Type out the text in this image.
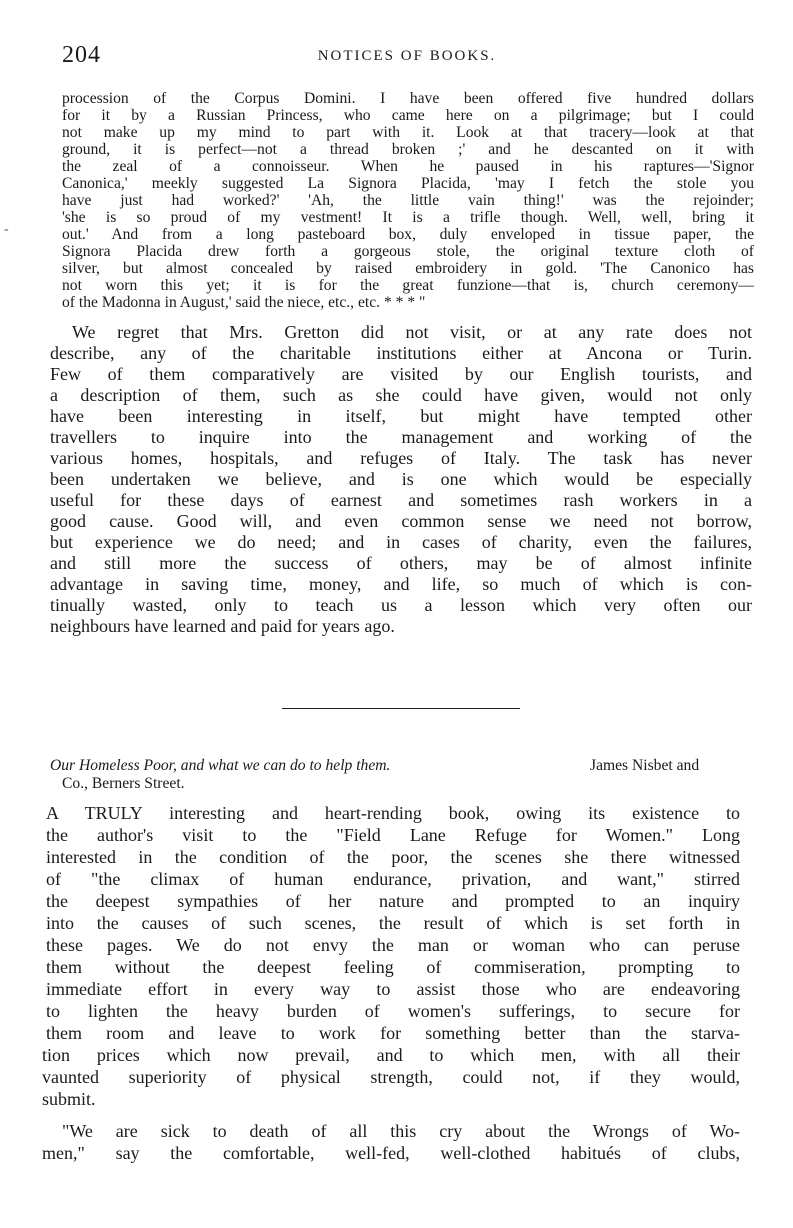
204	NOTICES OF BOOKS.
procession of the Corpus Domini. I have been offered five hundred dollars
for it by a Russian Princess, who came here on a pilgrimage; but I could
not make up my mind to part with it. Look at that tracery—look at that
ground, it is perfect—not a thread broken ;' and he descanted on it with
the zeal of a connoisseur. When he paused in his raptures—'Signor
Canonica,' meekly suggested La Signora Placida, 'may I fetch the stole you
have just had worked?' 'Ah, the little vain thing!' was the rejoinder;
'she is so proud of my vestment! It is a trifle though. Well, well, bring it
out.' And from a long pasteboard box, duly enveloped in tissue paper, the
Signora Placida drew forth a gorgeous stole, the original texture cloth of
silver, but almost concealed by raised embroidery in gold. 'The Canonico has
not worn this yet; it is for the great funzione—that is, church ceremony—
of the Madonna in August,' said the niece, etc., etc. * * * "
We regret that Mrs. Gretton did not visit, or at any rate does not
describe, any of the charitable institutions either at Ancona or Turin.
Few of them comparatively are visited by our English tourists, and
a description of them, such as she could have given, would not only
have been interesting in itself, but might have tempted other
travellers to inquire into the management and working of the
various homes, hospitals, and refuges of Italy. The task has never
been undertaken we believe, and is one which would be especially
useful for these days of earnest and sometimes rash workers in a
good cause. Good will, and even common sense we need not borrow,
but experience we do need; and in cases of charity, even the failures,
and still more the success of others, may be of almost infinite
advantage in saving time, money, and life, so much of which is con-
tinually wasted, only to teach us a lesson which very often our
neighbours have learned and paid for years ago.
Our Homeless Poor, and what we can do to help them.	James Nisbet and
Co., Berners Street.
A TRULY interesting and heart-rending book, owing its existence to
the author's visit to the "Field Lane Refuge for Women." Long
interested in the condition of the poor, the scenes she there witnessed
of "the climax of human endurance, privation, and want," stirred
the deepest sympathies of her nature and prompted to an inquiry
into the causes of such scenes, the result of which is set forth in
these pages. We do not envy the man or woman who can peruse
them without the deepest feeling of commiseration, prompting to
immediate effort in every way to assist those who are endeavoring
to lighten the heavy burden of women's sufferings, to secure for
them room and leave to work for something better than the starva-
tion prices which now prevail, and to which men, with all their
vaunted superiority of physical strength, could not, if they would,
submit.
"We are sick to death of all this cry about the Wrongs of Wo-
men," say the comfortable, well-fed, well-clothed habitués of clubs,
-
